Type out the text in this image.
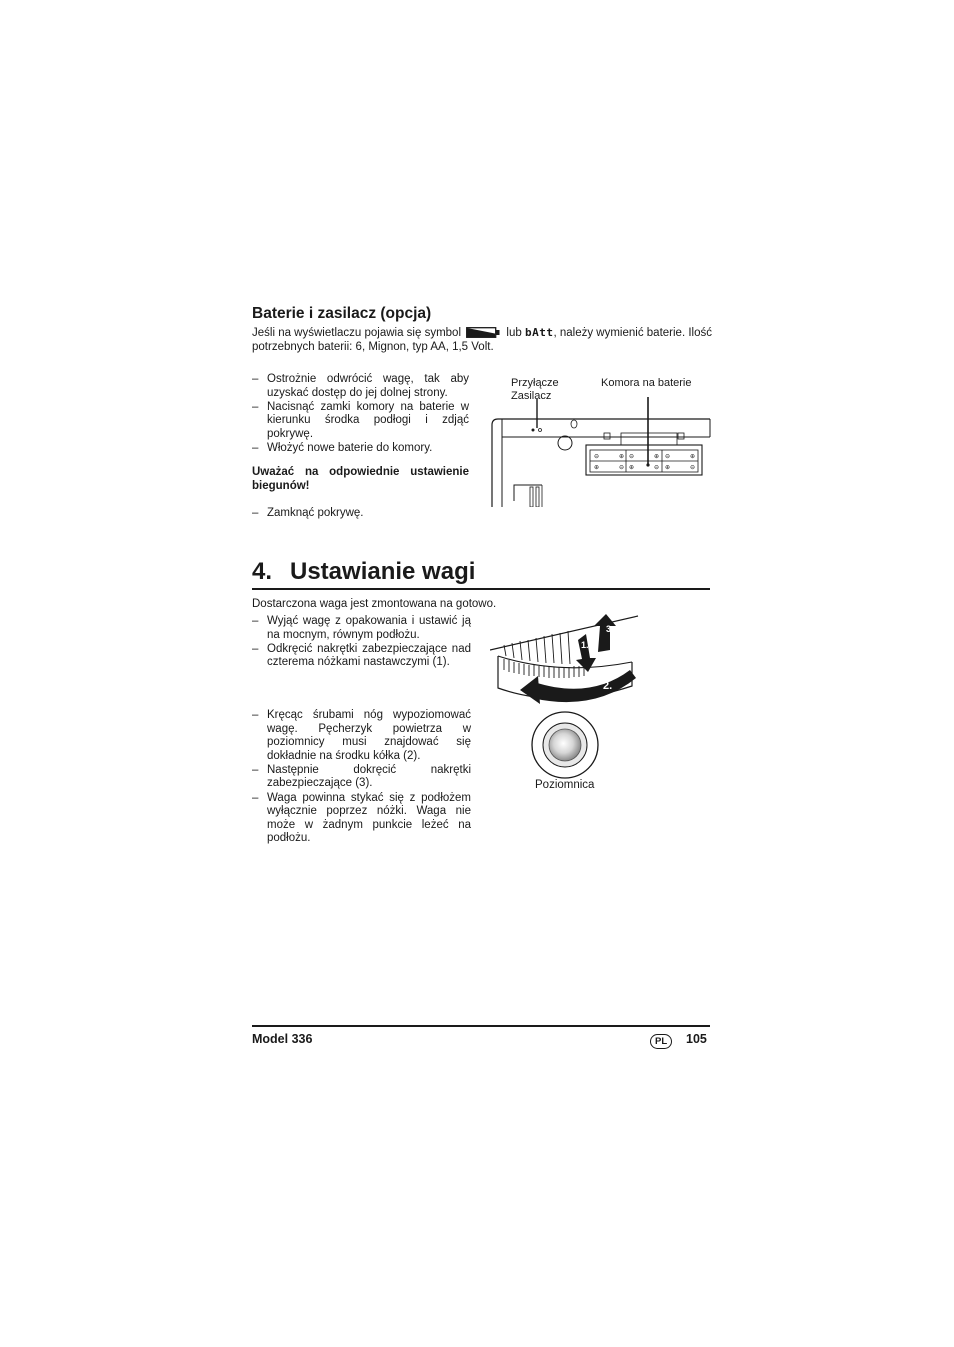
Baterie i zasilacz (opcja)
Jeśli na wyświetlaczu pojawia się symbol	lub bAtt, należy wymienić baterie. Ilość
potrzebnych baterii: 6, Mignon, typ AA, 1,5 Volt.
– Ostrożnie odwrócić wagę, tak aby uzyskać dostęp do jej dolnej strony.
– Nacisnąć zamki komory na baterie w kierunku środka podłogi i zdjąć pokrywę.
– Włożyć nowe baterie do komory.
Uważać na odpowiednie ustawienie biegunów!
– Zamknąć pokrywę.
Przyłącze
Zasilacz
Komora na baterie
⊖	⊕ ⊖	⊕ ⊖	⊕
⊕	⊖ ⊕	⊖ ⊕	⊖
4. Ustawianie wagi
Dostarczona waga jest zmontowana na gotowo.
– Wyjąć wagę z opakowania i ustawić ją na mocnym, równym podłożu.
– Odkręcić nakrętki zabezpieczające nad czterema nóżkami nastawczymi (1).
– Kręcąc śrubami nóg wypoziomować wagę. Pęcherzyk powietrza w poziomnicy musi znajdować się dokładnie na środku kółka (2).
– Następnie dokręcić nakrętki zabezpieczające (3).
– Waga powinna stykać się z podłożem wyłącznie poprzez nóżki. Waga nie może w żadnym punkcie leżeć na podłożu.
1.
3.
2.
Poziomnica
Model 336	PL	105
